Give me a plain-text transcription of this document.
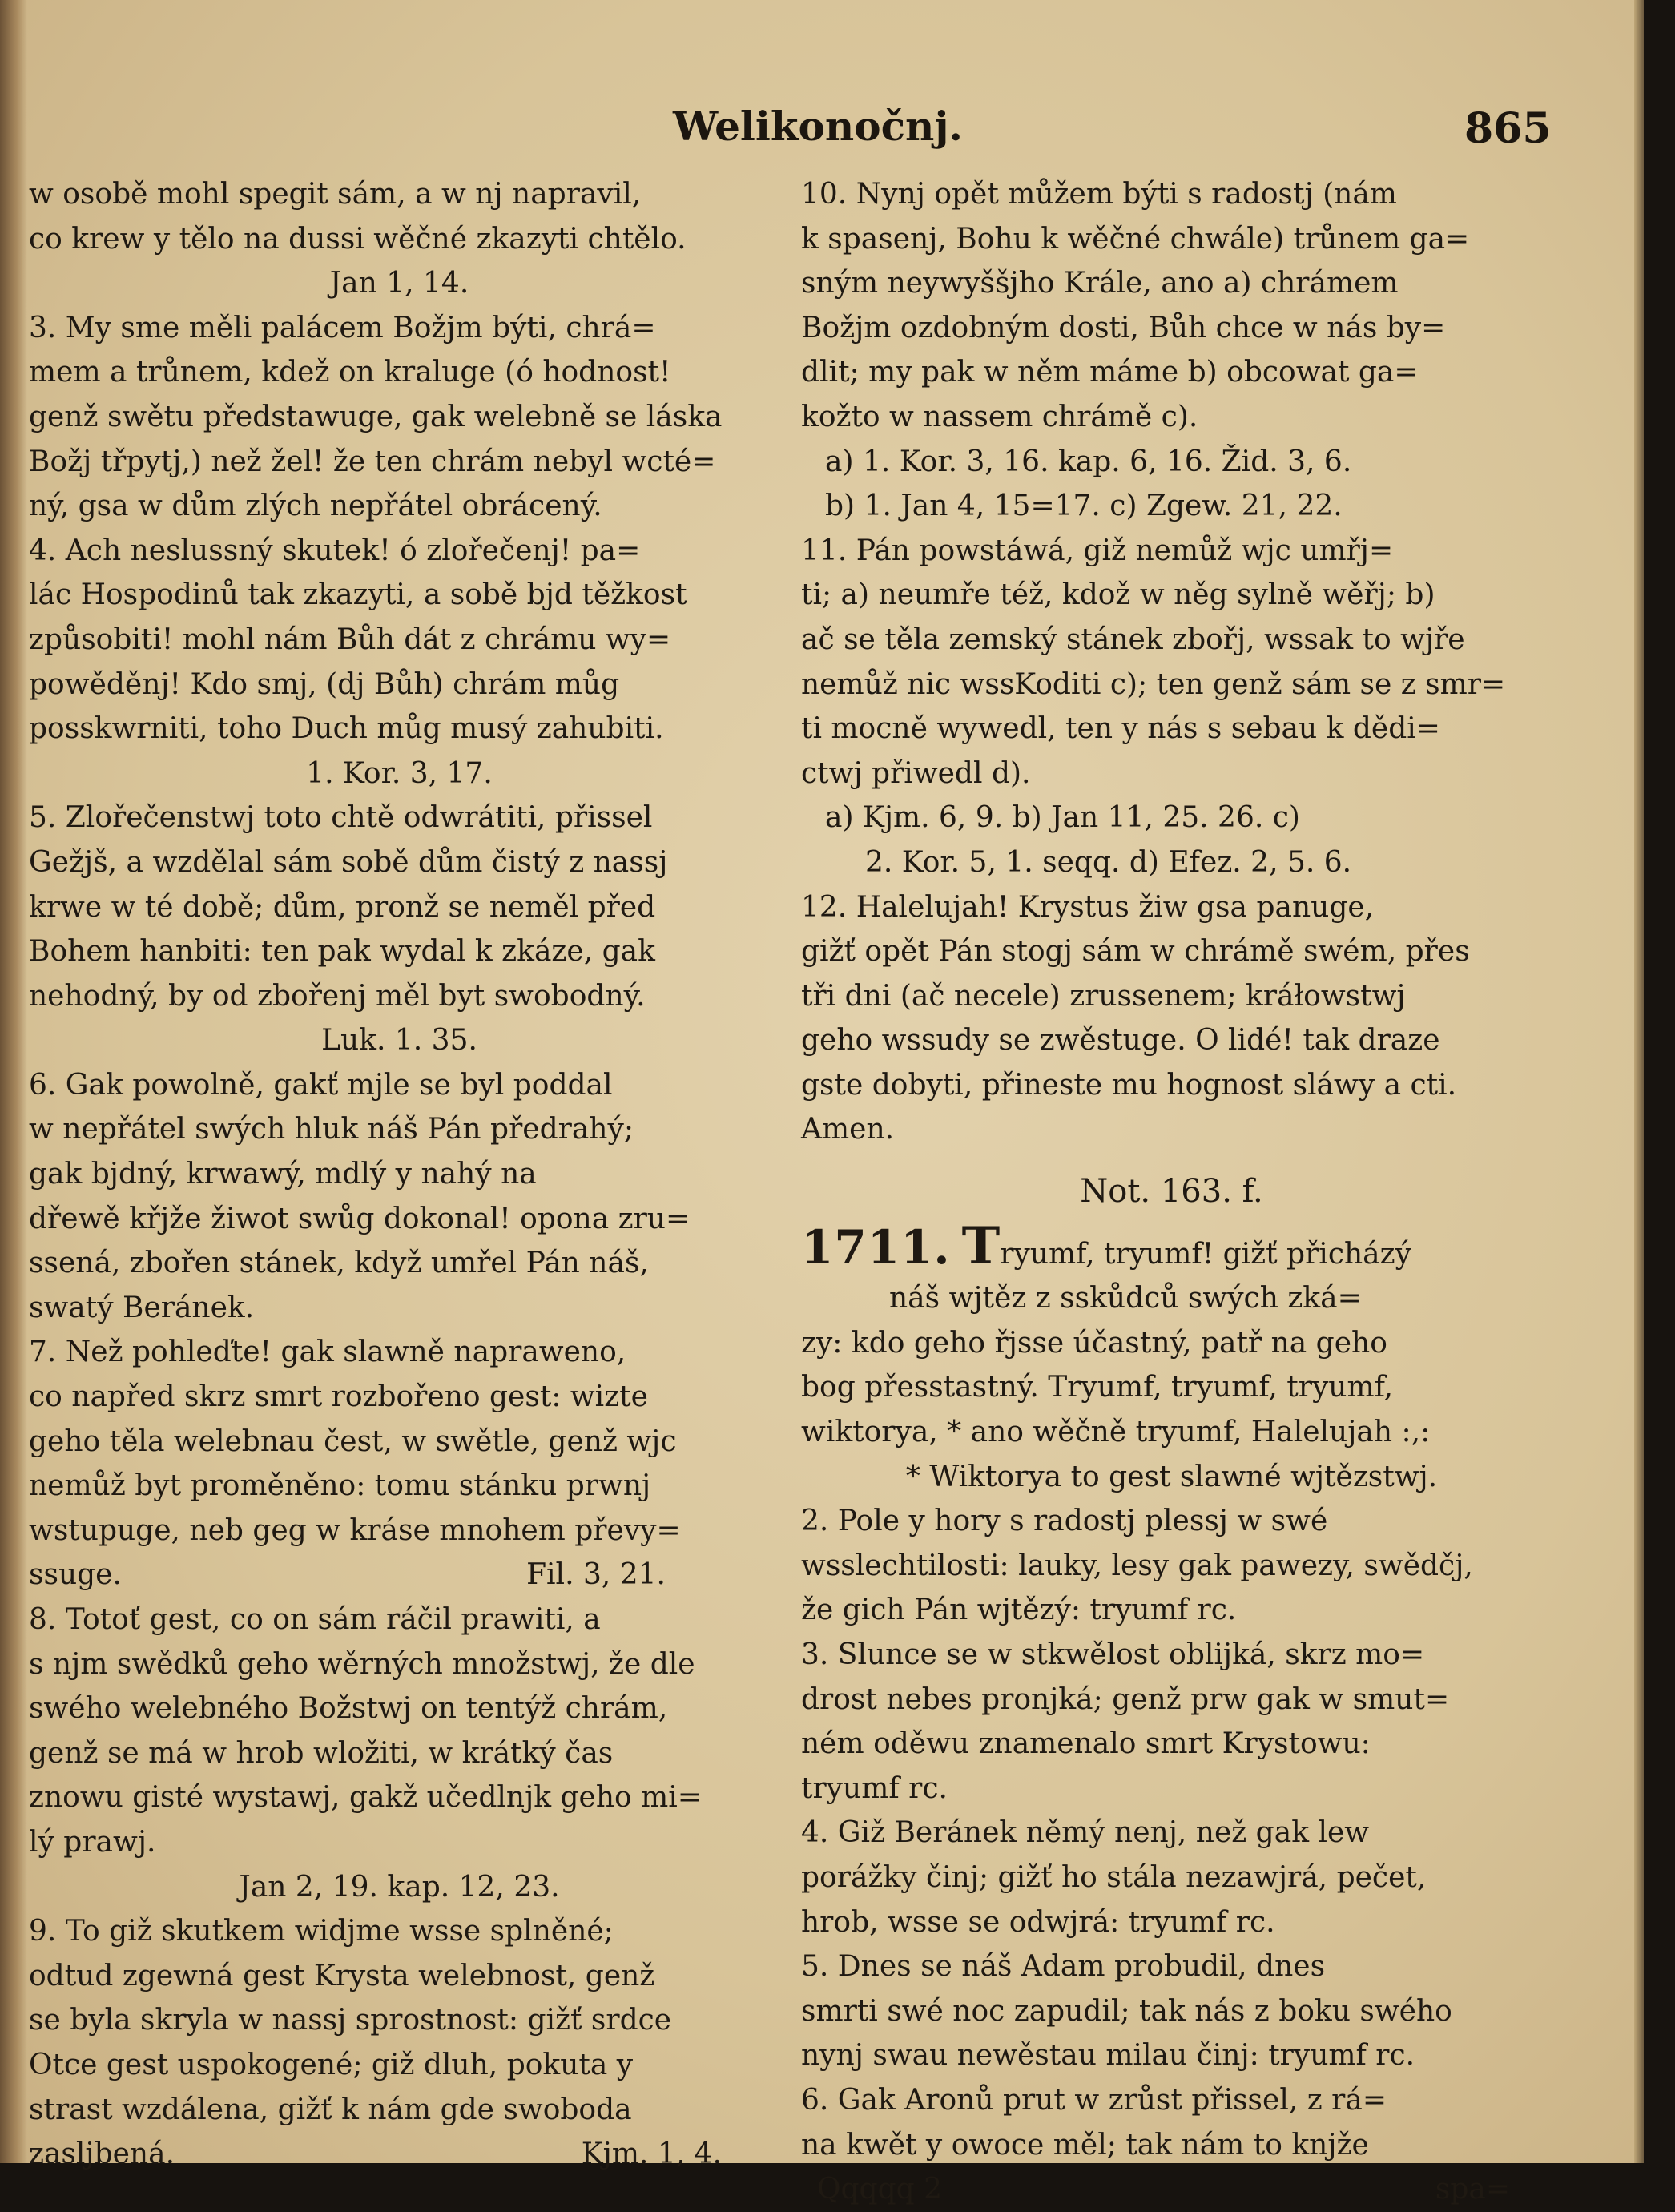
Welikonočnj.	865

w osobě mohl spegit sám, a w nj napravil,

co krew y tělo na dussi wěčné zkazyti chtělo.

Jan 1, 14.

3. My sme měli palácem Božjm býti, chrá=

mem a trůnem, kdež on kraluge (ó hodnost!

genž swětu předstawuge, gak welebně se láska

Božj třpytj,) než žel! že ten chrám nebyl wcté=

ný, gsa w dům zlých nepřátel obrácený.

4. Ach neslussný skutek! ó zlořečenj! pa=

lác Hospodinů tak zkazyti, a sobě bjd těžkost

způsobiti! mohl nám Bůh dát z chrámu wy=

powěděnj! Kdo smj, (dj Bůh) chrám můg

posskwrniti, toho Duch můg musý zahubiti.

1. Kor. 3, 17.

5. Zlořečenstwj toto chtě odwrátiti, přissel

Gežjš, a wzdělal sám sobě dům čistý z nassj

krwe w té době; dům, pronž se neměl před

Bohem hanbiti: ten pak wydal k zkáze, gak

nehodný, by od zbořenj měl byt swobodný.

Luk. 1. 35.

6. Gak powolně, gakť mjle se byl poddal

w nepřátel swých hluk náš Pán předrahý;

gak bjdný, krwawý, mdlý y nahý na

dřewě křjže žiwot swůg dokonal! opona zru=

ssená, zbořen stánek, když umřel Pán náš,

swatý Beránek.

7. Než pohleďte! gak slawně napraweno,

co napřed skrz smrt rozbořeno gest: wizte

geho těla welebnau čest, w swětle, genž wjc

nemůž byt proměněno: tomu stánku prwnj

wstupuge, neb geg w kráse mnohem převy=

ssuge.	Fil. 3, 21.

8. Totoť gest, co on sám ráčil prawiti, a

s njm swědků geho wěrných množstwj, že dle

swého welebného Božstwj on tentýž chrám,

genž se má w hrob wložiti, w krátký čas

znowu gisté wystawj, gakž učedlnjk geho mi=

lý prawj.

Jan 2, 19. kap. 12, 23.

9. To giž skutkem widjme wsse splněné;

odtud zgewná gest Krysta welebnost, genž

se byla skryla w nassj sprostnost: gižť srdce

Otce gest uspokogené; giž dluh, pokuta y

strast wzdálena, gižť k nám gde swoboda

zasljbená.	Kjm. 1, 4.

10. Nynj opět můžem býti s radostj (nám

k spasenj, Bohu k wěčné chwále) trůnem ga=

sným neywyššjho Krále, ano a) chrámem

Božjm ozdobným dosti, Bůh chce w nás by=

dlit; my pak w něm máme b) obcowat ga=

kožto w nassem chrámě c).

a) 1. Kor. 3, 16. kap. 6, 16. Žid. 3, 6.

b) 1. Jan 4, 15=17. c) Zgew. 21, 22.

11. Pán powstáwá, giž nemůž wjc umřj=

ti; a) neumře též, kdož w něg sylně wěřj; b)

ač se těla zemský stánek zbořj, wssak to wjře

nemůž nic wssKoditi c); ten genž sám se z smr=

ti mocně wywedl, ten y nás s sebau k dědi=

ctwj přiwedl d).

a) Kjm. 6, 9. b) Jan 11, 25. 26. c)

2. Kor. 5, 1. seqq. d) Efez. 2, 5. 6.

12. Halelujah! Krystus žiw gsa panuge,

gižť opět Pán stogj sám w chrámě swém, přes

tři dni (ač necele) zrussenem; kráłowstwj

geho wssudy se zwěstuge. O lidé! tak draze

gste dobyti, přineste mu hognost sláwy a cti.

Amen.

Not. 163. f.

1711. Tryumf, tryumf! gižť přicházý

náš wjtěz z sskůdců swých zká=

zy: kdo geho řjsse účastný, patř na geho

bog přesstastný. Tryumf, tryumf, tryumf,

wiktorya, * ano wěčně tryumf, Halelujah :,:

* Wiktorya to gest slawné wjtězstwj.

2. Pole y hory s radostj plessj w swé

wsslechtilosti: lauky, lesy gak pawezy, swědčj,

že gich Pán wjtězý: tryumf rc.

3. Slunce se w stkwělost oblijká, skrz mo=

drost nebes pronjká; genž prw gak w smut=

ném oděwu znamenalo smrt Krystowu:

tryumf rc.

4. Giž Beránek němý nenj, než gak lew

porážky činj; gižť ho stála nezawjrá, pečet,

hrob, wsse se odwjrá: tryumf rc.

5. Dnes se náš Adam probudil, dnes

smrti swé noc zapudil; tak nás z boku swého

nynj swau newěstau milau činj: tryumf rc.

6. Gak Aronů prut w zrůst přissel, z rá=

na kwět y owoce měl; tak nám to knjže

Qqqqq 2	spa=
